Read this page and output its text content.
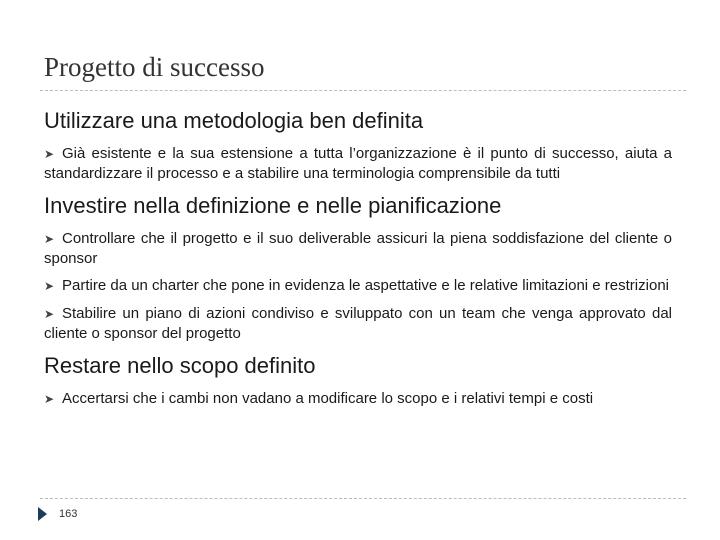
Progetto di successo
Utilizzare una metodologia ben definita
➤ Già esistente e la sua estensione a tutta l’organizzazione è il punto di successo, aiuta a standardizzare il processo e a stabilire una terminologia comprensibile da tutti
Investire nella definizione e nelle pianificazione
➤ Controllare che il progetto e il suo deliverable assicuri la piena soddisfazione del cliente o sponsor
➤ Partire da un charter che pone in evidenza le aspettative e le relative limitazioni e restrizioni
➤ Stabilire un piano di azioni condiviso e sviluppato con un team che venga approvato dal cliente o sponsor del progetto
Restare nello scopo definito
➤ Accertarsi che i cambi non vadano a modificare lo scopo e i relativi tempi e costi
163
